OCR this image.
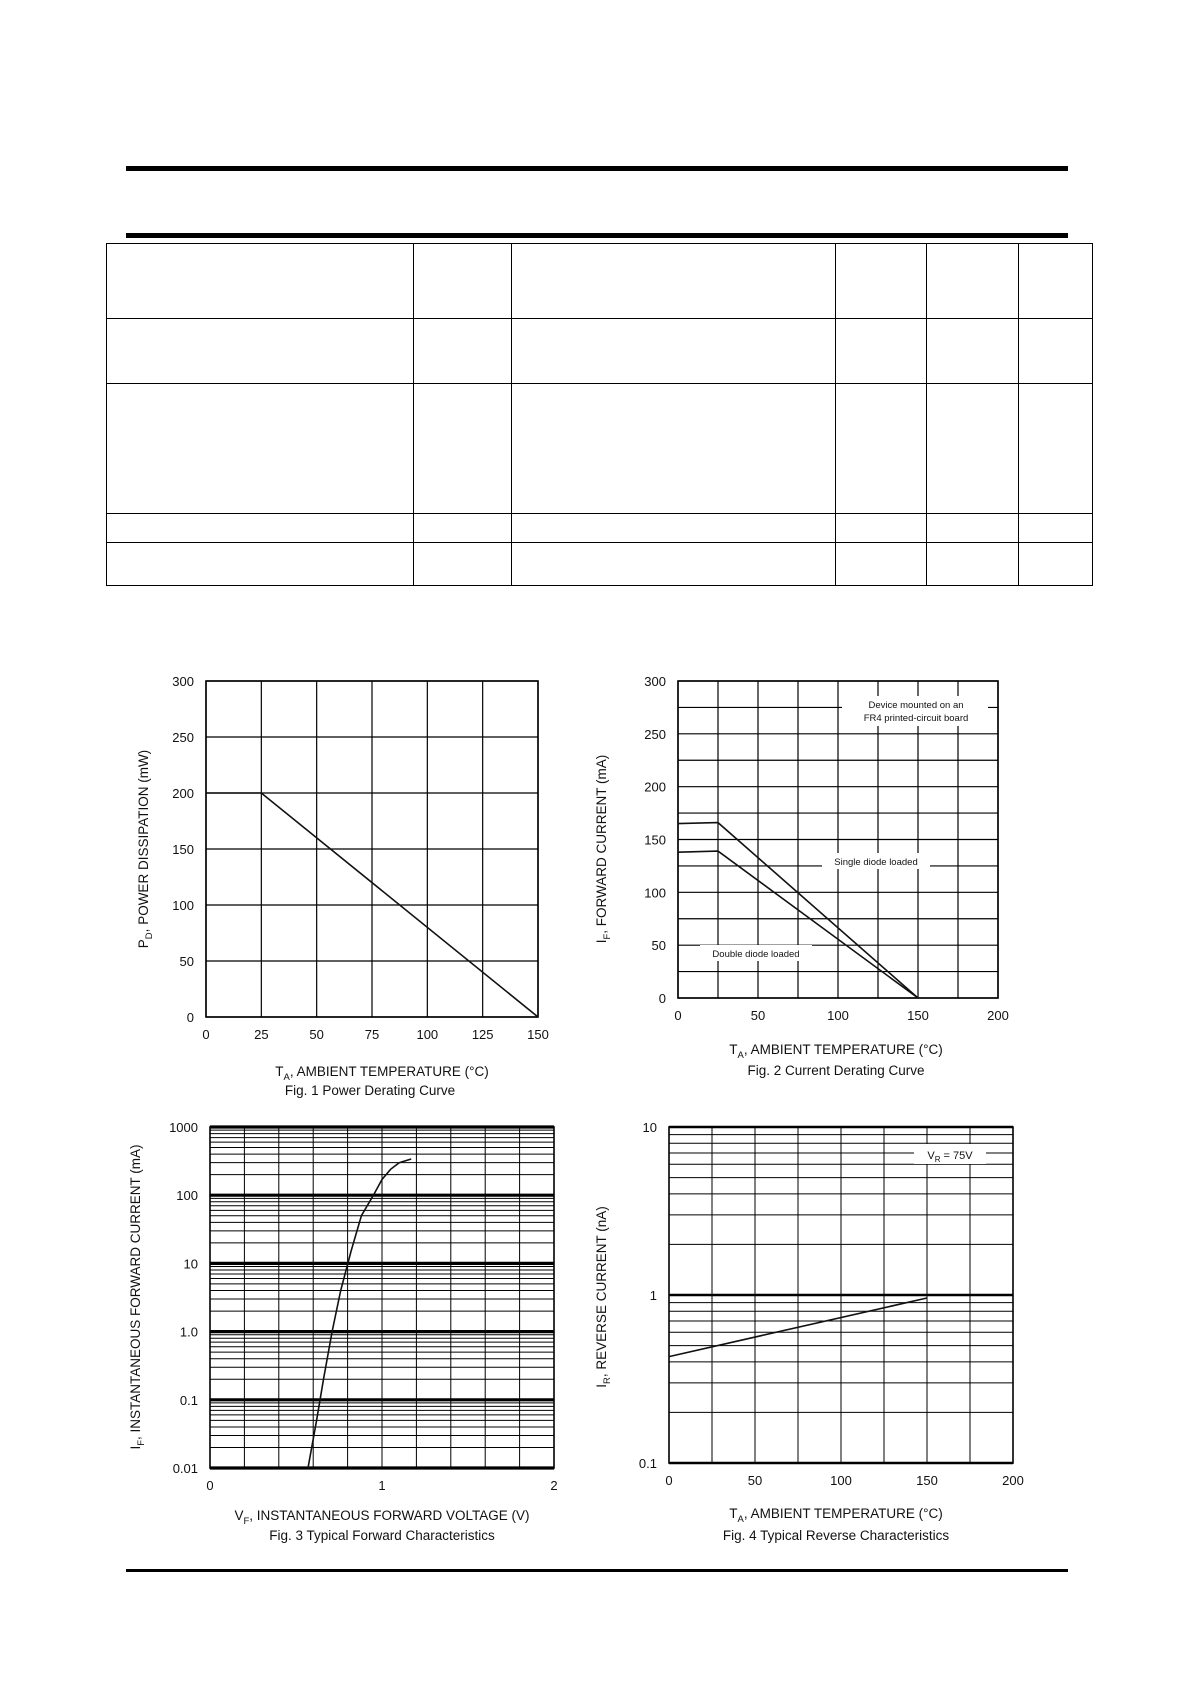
0	25	50	75	100	125	150
0
50
100
150
200
250
300
$T_A$, AMBIENT TEMPERATURE (°C)
$P_D$, POWER DISSIPATION (mW)
Fig. 1 Power Derating Curve
0	50	100	150	200
0
50
100
150
200
250
300
$T_A$, AMBIENT TEMPERATURE (°C)
$I_F$, FORWARD CURRENT (mA)
Fig. 2 Current Derating Curve
Device mounted on an
FR4 printed-circuit board
Single diode loaded
Double diode loaded
0	1	2
0.01
0.1
1.0
10
100
1000
$V_F$, INSTANTANEOUS FORWARD VOLTAGE (V)
$I_F$, INSTANTANEOUS FORWARD CURRENT (mA)
Fig. 3 Typical Forward Characteristics
0	50	100	150	200
0.1
1
10
$T_A$, AMBIENT TEMPERATURE (°C)
$I_R$, REVERSE CURRENT (nA)
Fig. 4 Typical Reverse Characteristics
$V_R = 75V$
